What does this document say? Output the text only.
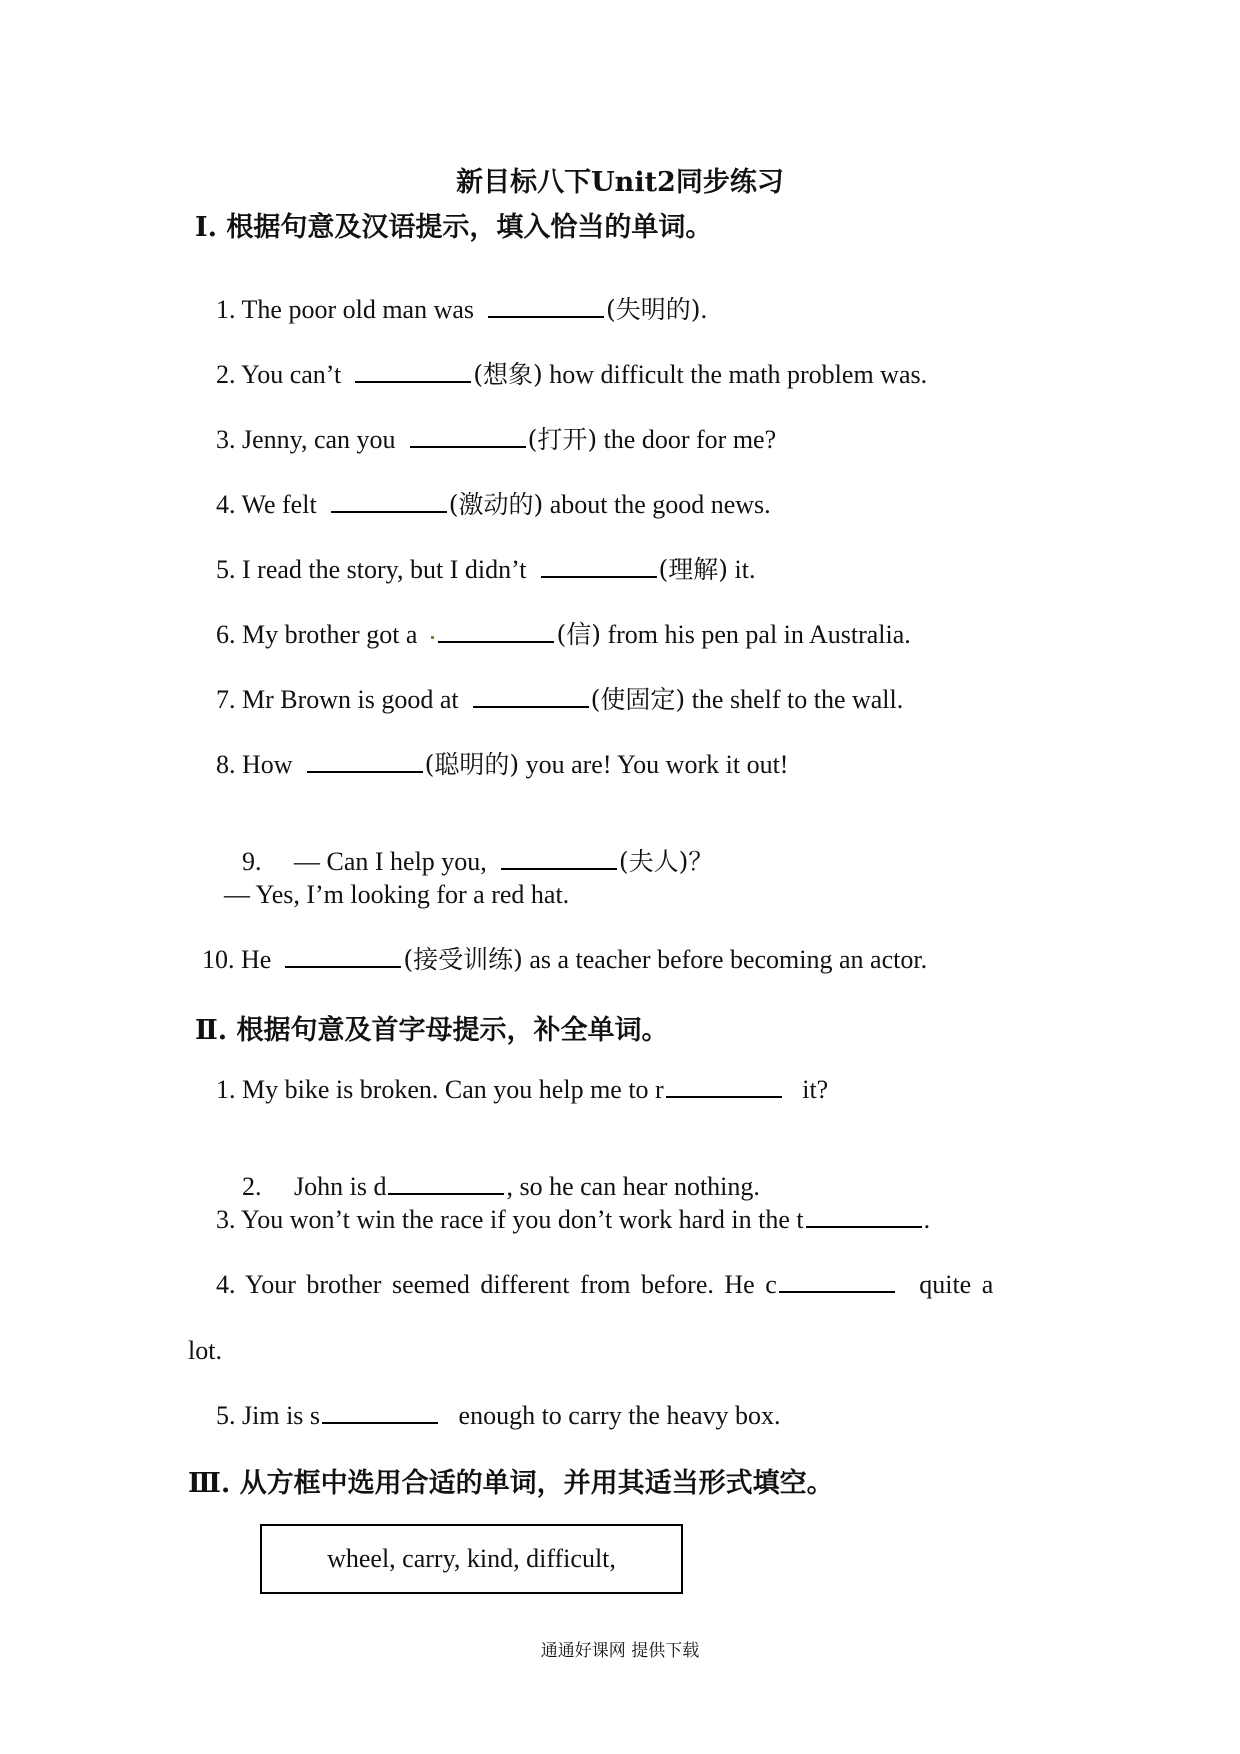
新目标八下Unit2同步练习
Ⅰ. 根据句意及汉语提示，填入恰当的单词。
1. The poor old man was	(失明的).
2. You can’t	(想象) how difficult the math problem was.
3. Jenny, can you	(打开) the door for me?
4. We felt	(激动的) about the good news.
5. I read the story, but I didn’t	(理解) it.
6. My brother got a	(信) from his pen pal in Australia.
7. Mr Brown is good at	(使固定) the shelf to the wall.
8. How	(聪明的) you are! You work it out!

9.     — Can I help you,	(夫人)？

— Yes, I’m looking for a red hat.
10. He	(接受训练) as a teacher before becoming an actor.
Ⅱ. 根据句意及首字母提示，补全单词。
1. My bike is broken. Can you help me to r	it?

2.     John is d	, so he can hear nothing.

3. You won’t win the race if you don’t work hard in the t	.
4. Your brother seemed different from before. He c	quite a
lot.
5. Jim is s	enough to carry the heavy box.
Ⅲ. 从方框中选用合适的单词，并用其适当形式填空。
wheel, carry, kind, difficult,
通通好课网 提供下载
